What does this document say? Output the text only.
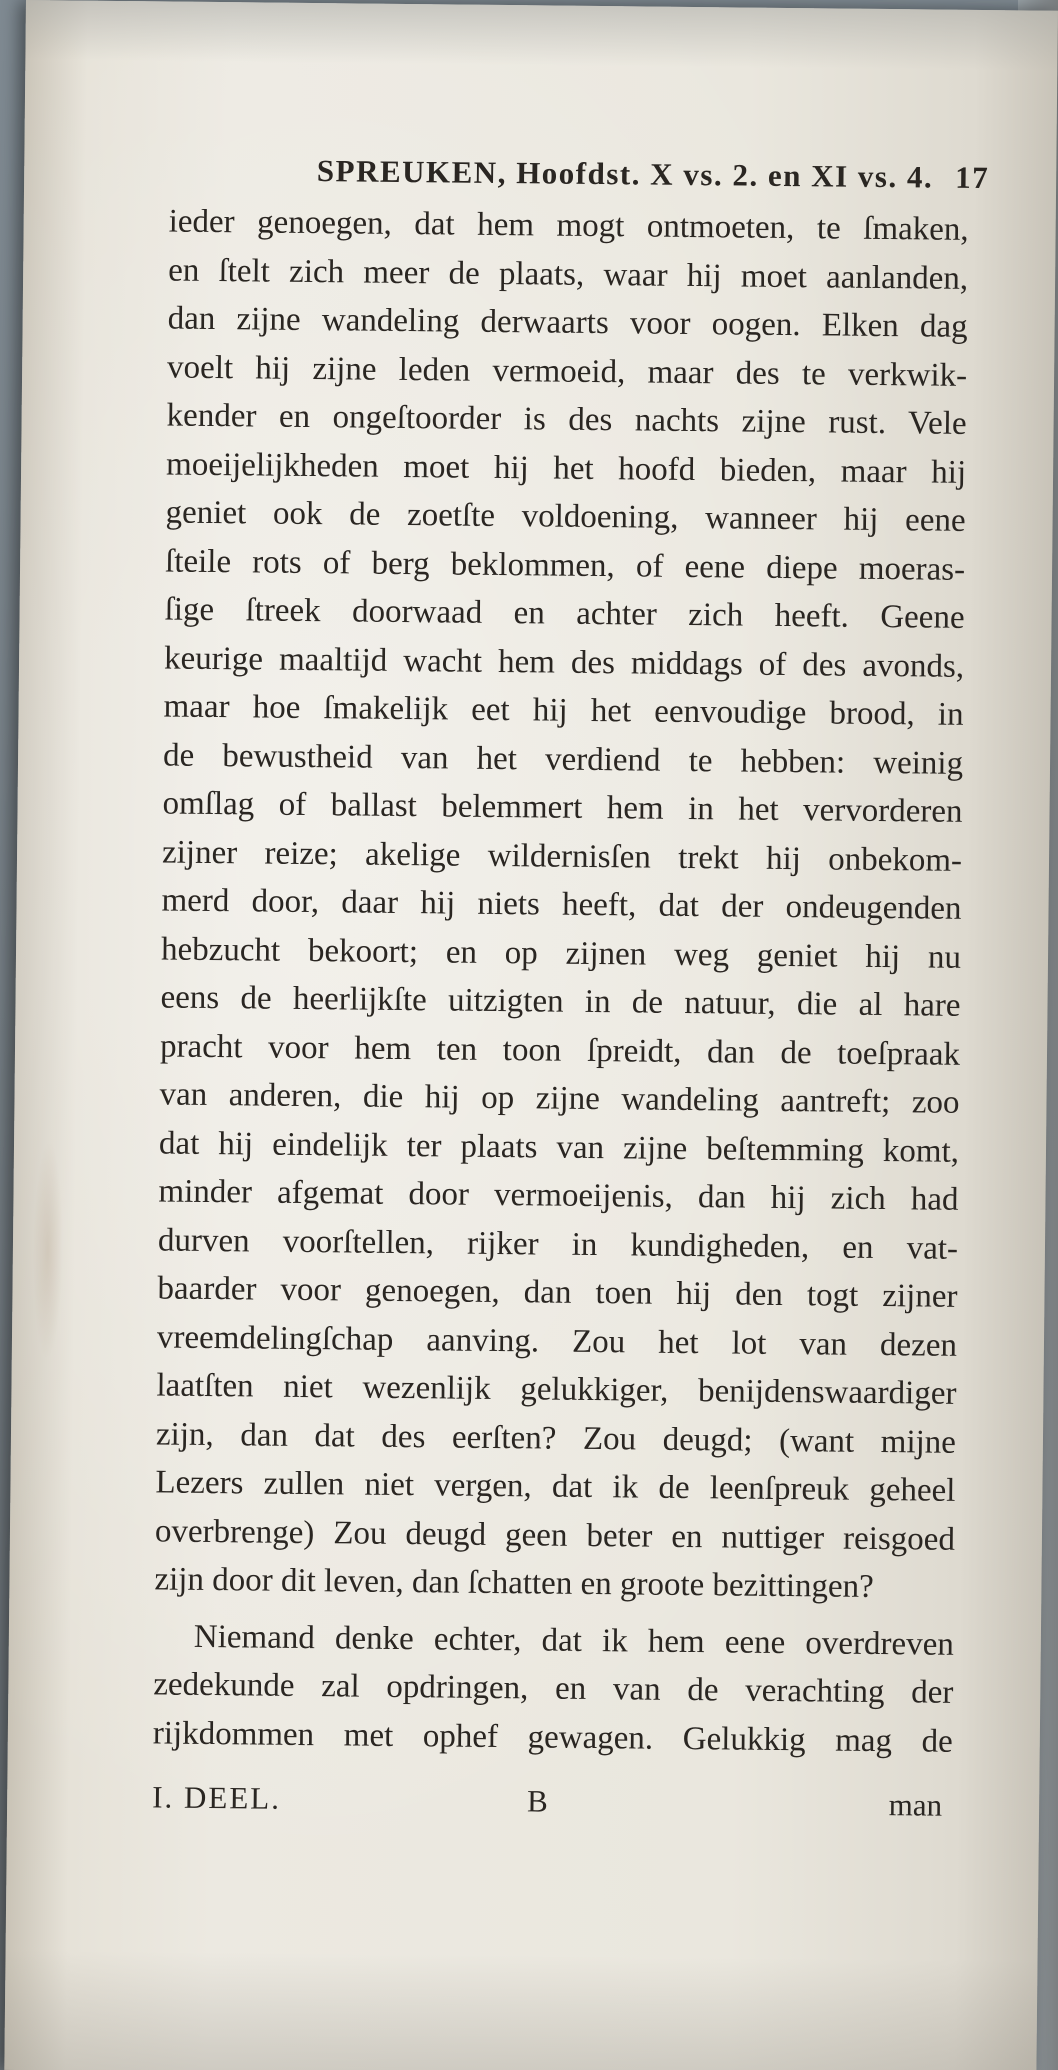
SPREUKEN, Hoofdst. X vs. 2. en XI vs. 4. 17
ieder genoegen, dat hem mogt ontmoeten, te ſmaken,
en ſtelt zich meer de plaats, waar hij moet aanlanden,
dan zijne wandeling derwaarts voor oogen. Elken dag
voelt hij zijne leden vermoeid, maar des te verkwik-
kender en ongeſtoorder is des nachts zijne rust. Vele
moeijelijkheden moet hij het hoofd bieden, maar hij
geniet ook de zoetſte voldoening, wanneer hij eene
ſteile rots of berg beklommen, of eene diepe moeras-
ſige ſtreek doorwaad en achter zich heeft. Geene
keurige maaltijd wacht hem des middags of des avonds,
maar hoe ſmakelijk eet hij het eenvoudige brood, in
de bewustheid van het verdiend te hebben: weinig
omſlag of ballast belemmert hem in het vervorderen
zijner reize; akelige wildernisſen trekt hij onbekom-
merd door, daar hij niets heeft, dat der ondeugenden
hebzucht bekoort; en op zijnen weg geniet hij nu
eens de heerlijkſte uitzigten in de natuur, die al hare
pracht voor hem ten toon ſpreidt, dan de toeſpraak
van anderen, die hij op zijne wandeling aantreft; zoo
dat hij eindelijk ter plaats van zijne beſtemming komt,
minder afgemat door vermoeijenis, dan hij zich had
durven voorſtellen, rijker in kundigheden, en vat-
baarder voor genoegen, dan toen hij den togt zijner
vreemdelingſchap aanving. Zou het lot van dezen
laatſten niet wezenlijk gelukkiger, benijdenswaardiger
zijn, dan dat des eerſten? Zou deugd; (want mijne
Lezers zullen niet vergen, dat ik de leenſpreuk geheel
overbrenge) Zou deugd geen beter en nuttiger reisgoed
zijn door dit leven, dan ſchatten en groote bezittingen?
Niemand denke echter, dat ik hem eene overdreven
zedekunde zal opdringen, en van de verachting der
rijkdommen met ophef gewagen. Gelukkig mag de
I. DEEL.	B	man
